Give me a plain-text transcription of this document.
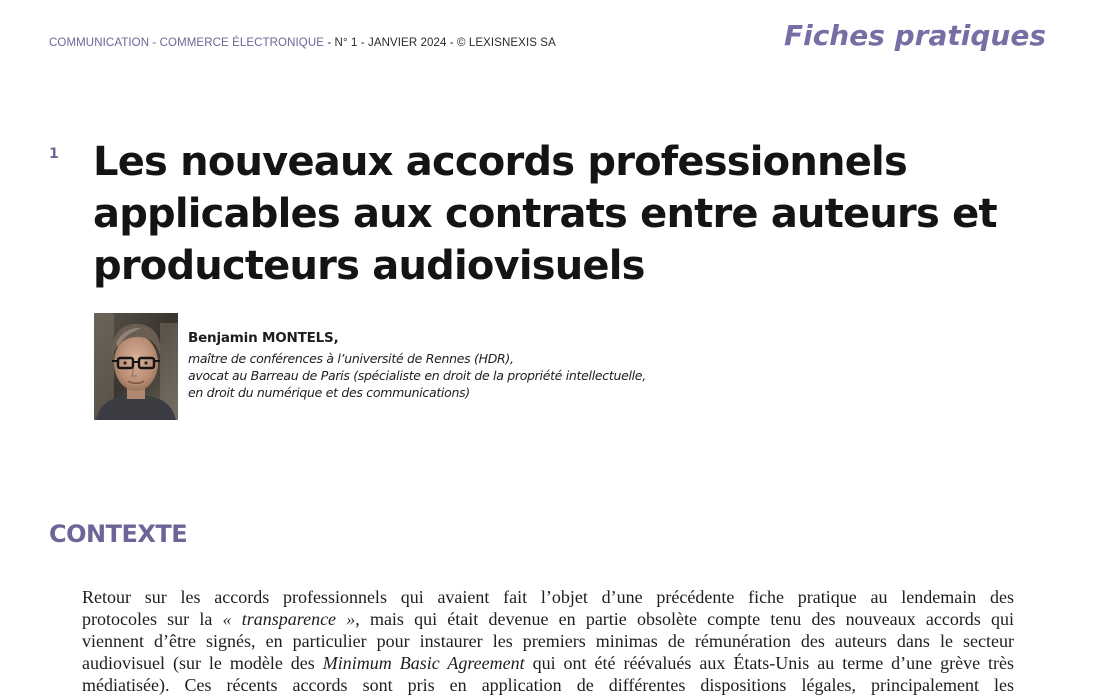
COMMUNICATION - COMMERCE ÉLECTRONIQUE - N° 1 - JANVIER 2024 - © LEXISNEXIS SA	Fiches pratiques
1 Les nouveaux accords professionnels applicables aux contrats entre auteurs et producteurs audiovisuels
Benjamin MONTELS,
maître de conférences à l’université de Rennes (HDR),
avocat au Barreau de Paris (spécialiste en droit de la propriété intellectuelle,
en droit du numérique et des communications)
CONTEXTE
Retour sur les accords professionnels qui avaient fait l’objet d’une précédente fiche pratique au lendemain des
protocoles sur la « transparence », mais qui était devenue en partie obsolète compte tenu des nouveaux accords qui
viennent d’être signés, en particulier pour instaurer les premiers minimas de rémunération des auteurs dans le secteur
audiovisuel (sur le modèle des Minimum Basic Agreement qui ont été réévalués aux États-Unis au terme d’une grève très
médiatisée). Ces récents accords sont pris en application de différentes dispositions légales, principalement les
